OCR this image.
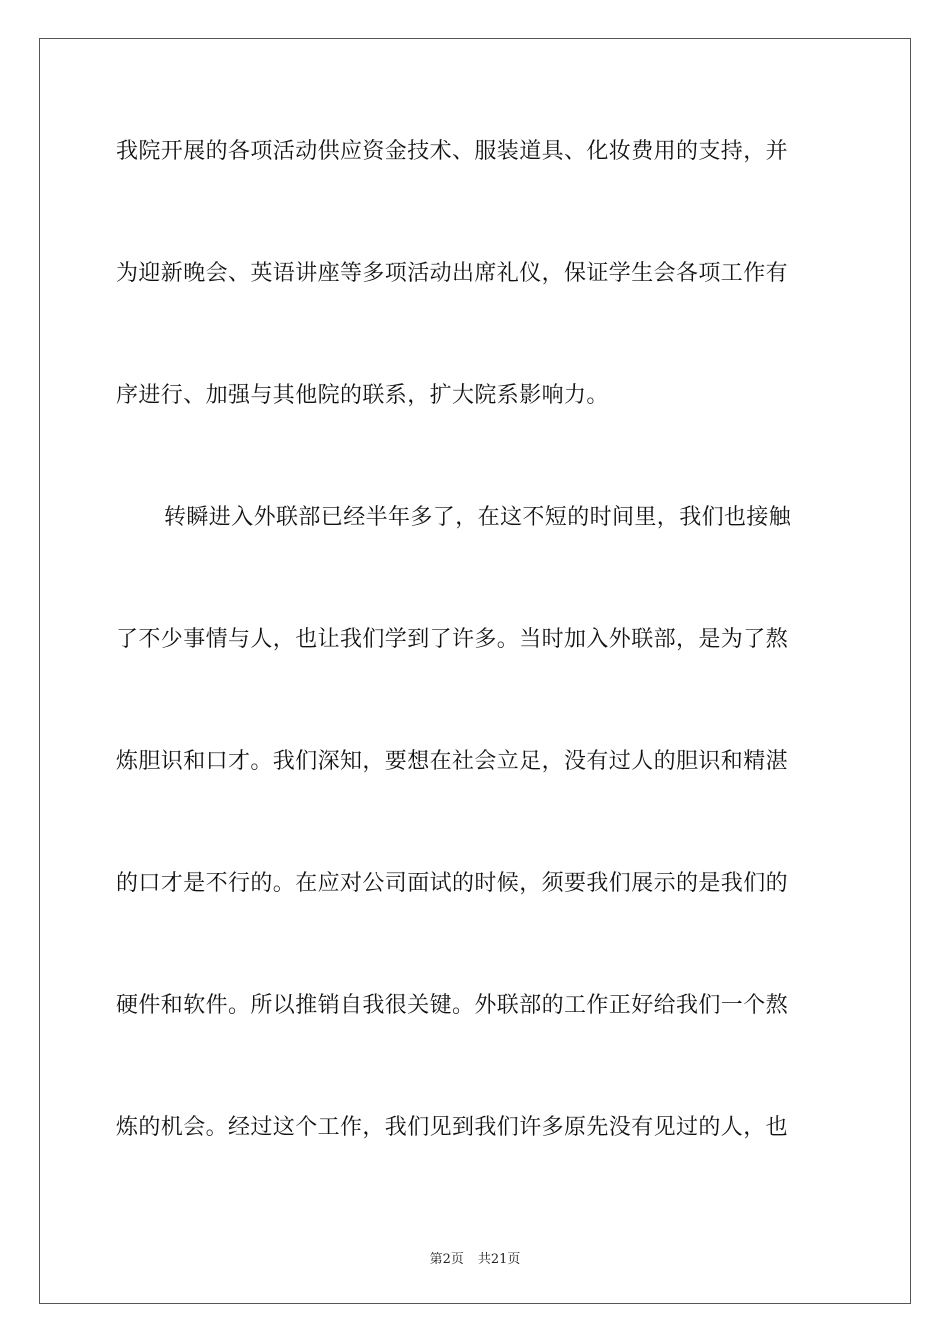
我院开展的各项活动供应资金技术、服装道具、化妆费用的支持，并
为迎新晚会、英语讲座等多项活动出席礼仪，保证学生会各项工作有
序进行、加强与其他院的联系，扩大院系影响力。
转瞬进入外联部已经半年多了，在这不短的时间里，我们也接触
了不少事情与人，也让我们学到了许多。当时加入外联部，是为了熬
炼胆识和口才。我们深知，要想在社会立足，没有过人的胆识和精湛
的口才是不行的。在应对公司面试的时候，须要我们展示的是我们的
硬件和软件。所以推销自我很关键。外联部的工作正好给我们一个熬
炼的机会。经过这个工作，我们见到我们许多原先没有见过的人，也
第2页 共21页
